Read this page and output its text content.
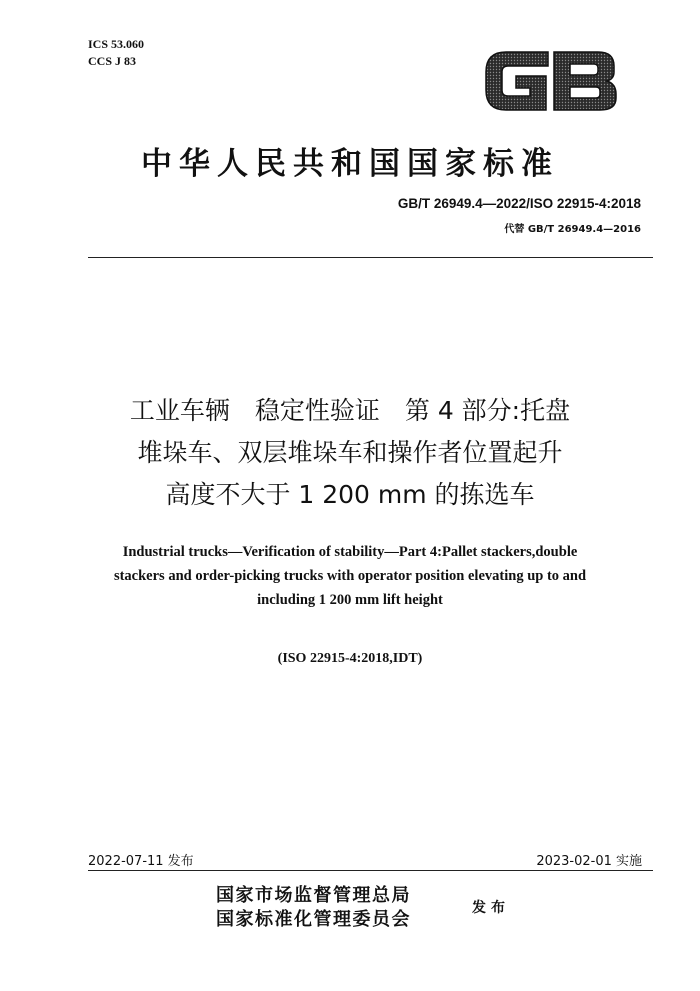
ICS 53.060
CCS J 83
中华人民共和国国家标准
GB/T 26949.4—2022/ISO 22915-4:2018
代替 GB/T 26949.4—2016
工业车辆　稳定性验证　第 4 部分:托盘
堆垛车、双层堆垛车和操作者位置起升
高度不大于 1 200 mm 的拣选车
Industrial trucks—Verification of stability—Part 4:Pallet stackers,double
stackers and order-picking trucks with operator position elevating up to and
including 1 200 mm lift height
(ISO 22915-4:2018,IDT)
2022-07-11 发布	2023-02-01 实施
国家市场监督管理总局
国家标准化管理委员会
发布
